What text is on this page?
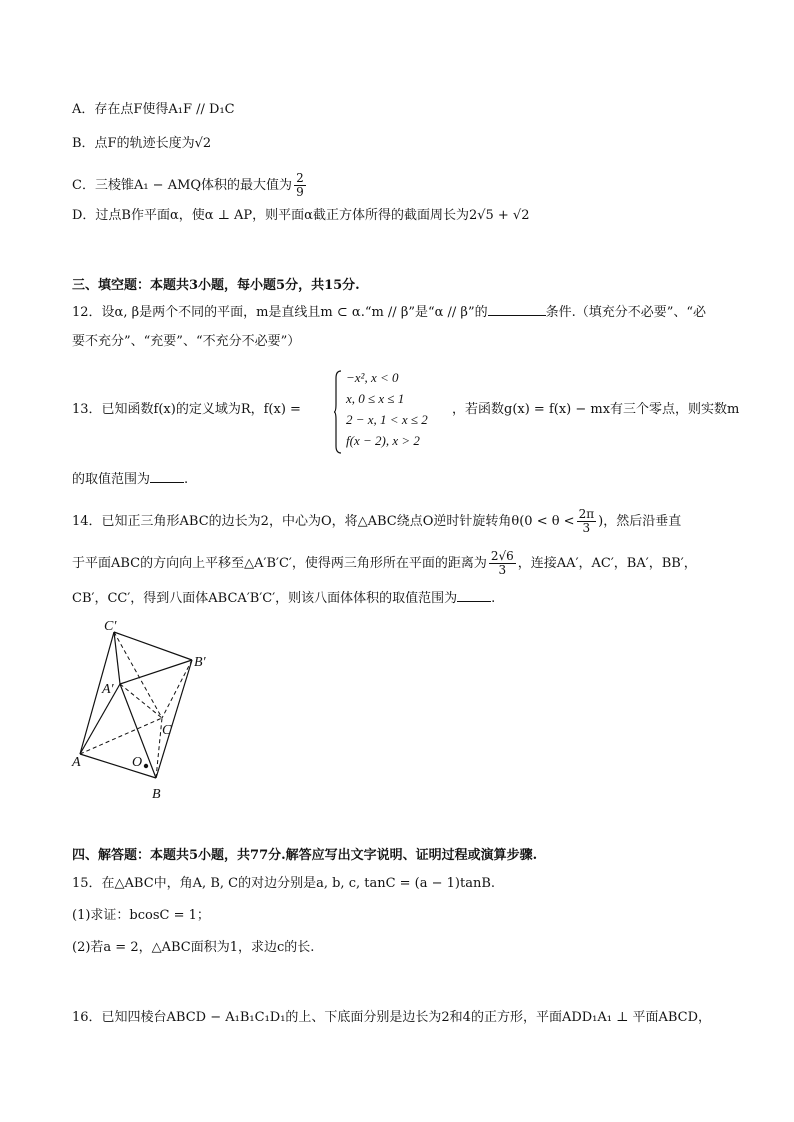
A．存在点F使得A₁F // D₁C
B．点F的轨迹长度为√2
C．三棱锥A₁ − AMQ体积的最大值为 $\frac{2}{9}$
D．过点B作平面α，使α ⊥ AP，则平面α截正方体所得的截面周长为2√5 + √2
三、填空题：本题共3小题，每小题5分，共15分.
12．设α, β是两个不同的平面，m是直线且m ⊂ α.“m // β”是“α // β”的	条件.（填充分不必要”、“必
要不充分”、“充要”、“不充分不必要”）
13．已知函数f(x)的定义域为R，f(x) =
−x², x < 0
x, 0 ≤ x ≤ 1
2 − x, 1 < x ≤ 2
f(x − 2), x > 2
，若函数g(x) = f(x) − mx有三个零点，则实数m
的取值范围为	.
14．已知正三角形ABC的边长为2，中心为O，将△ABC绕点O逆时针旋转角$\theta(0 < \theta < \frac{2\pi}{3}$ )，然后沿垂直
于平面ABC的方向向上平移至△A′B′C′，使得两三角形所在平面的距离为 $\frac{2√6}{3}$ ，连接AA′，AC′，BA′，BB′，
CB′，CC′，得到八面体ABCA′B′C′，则该八面体体积的取值范围为	.
C′
B′
A′
C
A	O
B
四、解答题：本题共5小题，共77分.解答应写出文字说明、证明过程或演算步骤.
15．在△ABC中，角A, B, C的对边分别是a, b, c, tanC = (a − 1)tanB.
(1)求证：bcosC = 1；
(2)若a = 2，△ABC面积为1，求边c的长.
16．已知四棱台ABCD − A₁B₁C₁D₁的上、下底面分别是边长为2和4的正方形，平面ADD₁A₁ ⊥ 平面ABCD，
